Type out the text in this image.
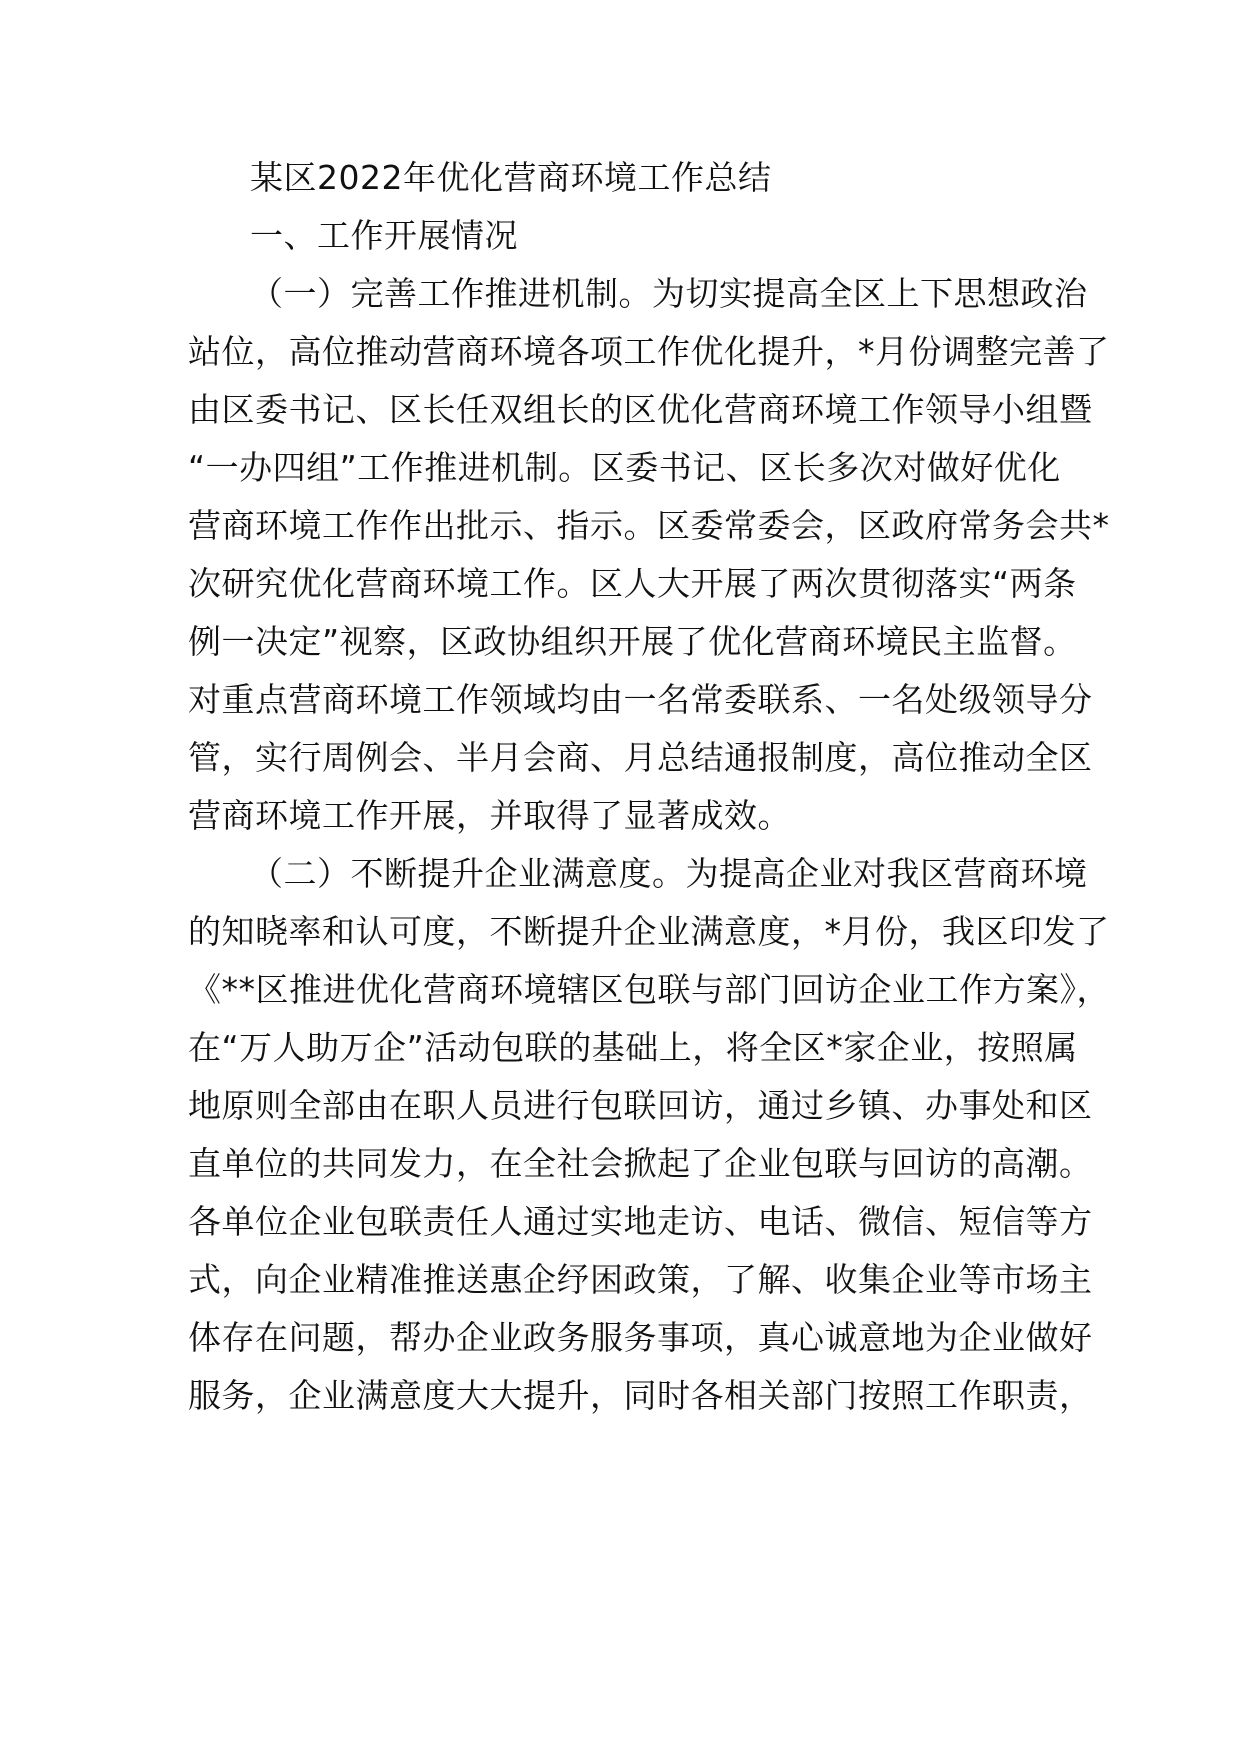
某区2022年优化营商环境工作总结
一、工作开展情况
（一）完善工作推进机制。为切实提高全区上下思想政治
站位，高位推动营商环境各项工作优化提升，*月份调整完善了
由区委书记、区长任双组长的区优化营商环境工作领导小组暨
“一办四组”工作推进机制。区委书记、区长多次对做好优化
营商环境工作作出批示、指示。区委常委会，区政府常务会共*
次研究优化营商环境工作。区人大开展了两次贯彻落实“两条
例一决定”视察，区政协组织开展了优化营商环境民主监督。
对重点营商环境工作领域均由一名常委联系、一名处级领导分
管，实行周例会、半月会商、月总结通报制度，高位推动全区
营商环境工作开展，并取得了显著成效。
（二）不断提升企业满意度。为提高企业对我区营商环境
的知晓率和认可度，不断提升企业满意度，*月份，我区印发了
《**区推进优化营商环境辖区包联与部门回访企业工作方案》，
在“万人助万企”活动包联的基础上，将全区*家企业，按照属
地原则全部由在职人员进行包联回访，通过乡镇、办事处和区
直单位的共同发力，在全社会掀起了企业包联与回访的高潮。
各单位企业包联责任人通过实地走访、电话、微信、短信等方
式，向企业精准推送惠企纾困政策，了解、收集企业等市场主
体存在问题，帮办企业政务服务事项，真心诚意地为企业做好
服务，企业满意度大大提升，同时各相关部门按照工作职责，
